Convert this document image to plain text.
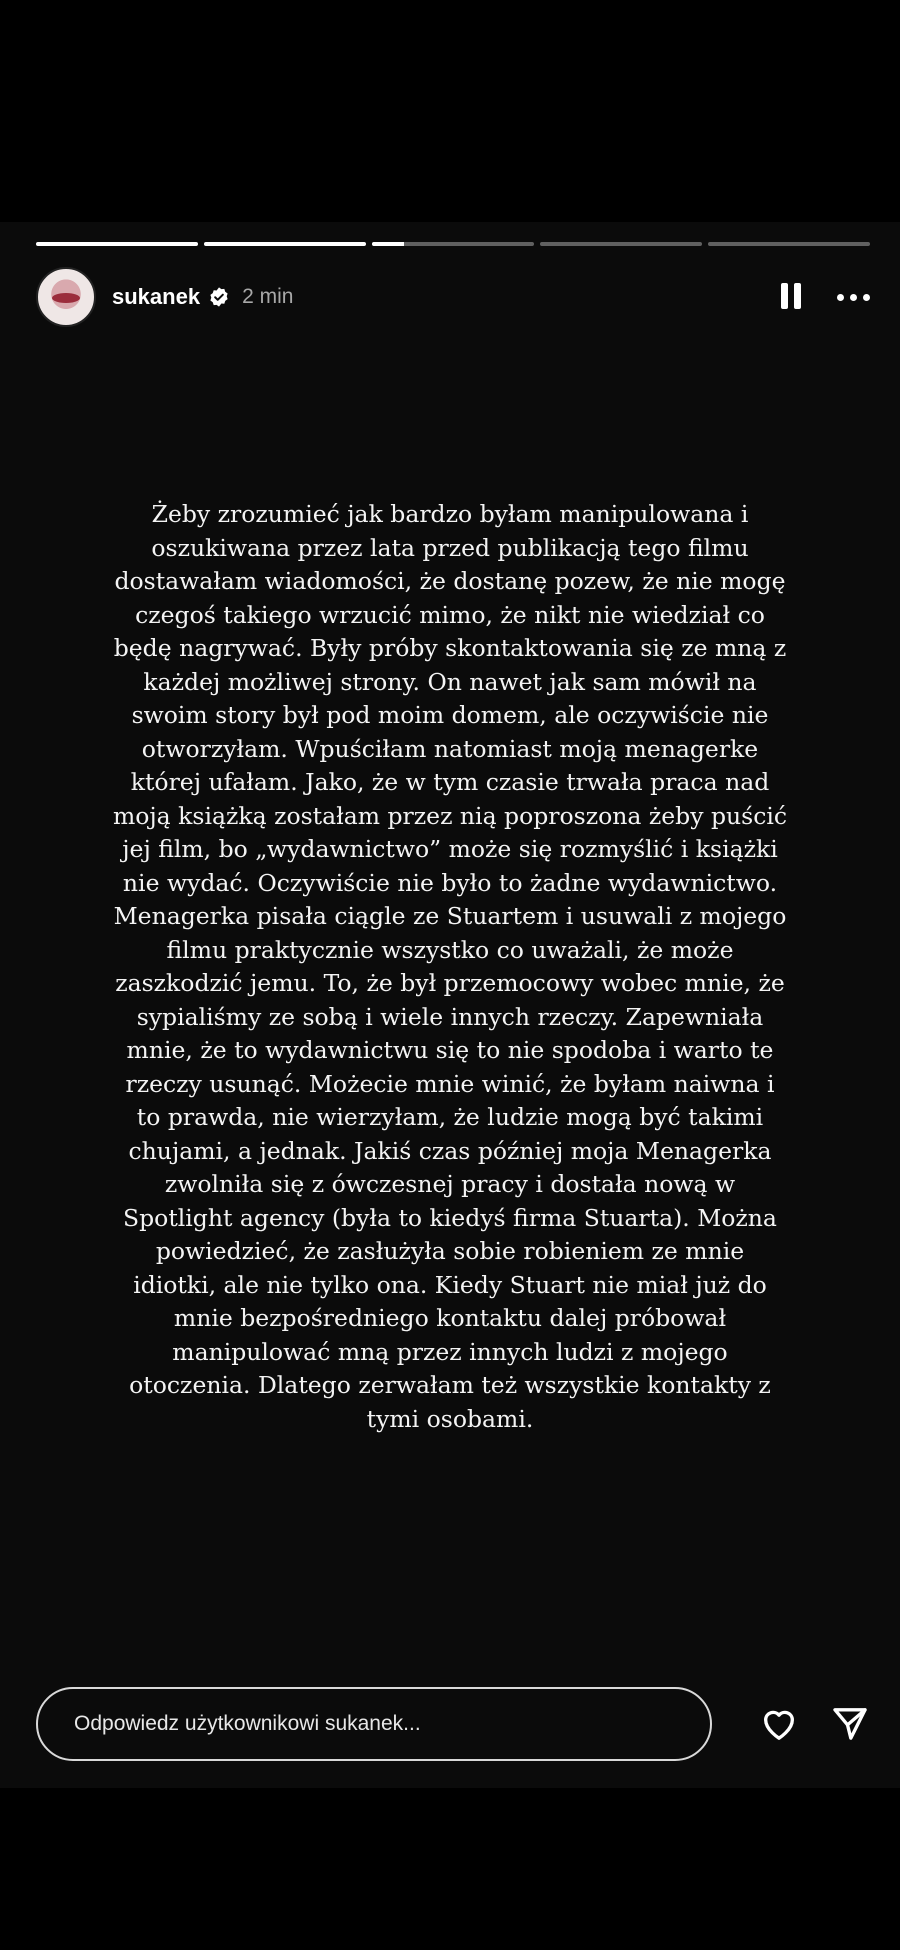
sukanek 2 min
Żeby zrozumieć jak bardzo byłam manipulowana i
oszukiwana przez lata przed publikacją tego filmu
dostawałam wiadomości, że dostanę pozew, że nie mogę
czegoś takiego wrzucić mimo, że nikt nie wiedział co
będę nagrywać. Były próby skontaktowania się ze mną z
każdej możliwej strony. On nawet jak sam mówił na
swoim story był pod moim domem, ale oczywiście nie
otworzyłam. Wpuściłam natomiast moją menagerke
której ufałam. Jako, że w tym czasie trwała praca nad
moją książką zostałam przez nią poproszona żeby puścić
jej film, bo „wydawnictwo” może się rozmyślić i książki
nie wydać. Oczywiście nie było to żadne wydawnictwo.
Menagerka pisała ciągle ze Stuartem i usuwali z mojego
filmu praktycznie wszystko co uważali, że może
zaszkodzić jemu. To, że był przemocowy wobec mnie, że
sypialiśmy ze sobą i wiele innych rzeczy. Zapewniała
mnie, że to wydawnictwu się to nie spodoba i warto te
rzeczy usunąć. Możecie mnie winić, że byłam naiwna i
to prawda, nie wierzyłam, że ludzie mogą być takimi
chujami, a jednak. Jakiś czas później moja Menagerka
zwolniła się z ówczesnej pracy i dostała nową w
Spotlight agency (była to kiedyś firma Stuarta). Można
powiedzieć, że zasłużyła sobie robieniem ze mnie
idiotki, ale nie tylko ona. Kiedy Stuart nie miał już do
mnie bezpośredniego kontaktu dalej próbował
manipulować mną przez innych ludzi z mojego
otoczenia. Dlatego zerwałam też wszystkie kontakty z
tymi osobami.
Odpowiedz użytkownikowi sukanek...
